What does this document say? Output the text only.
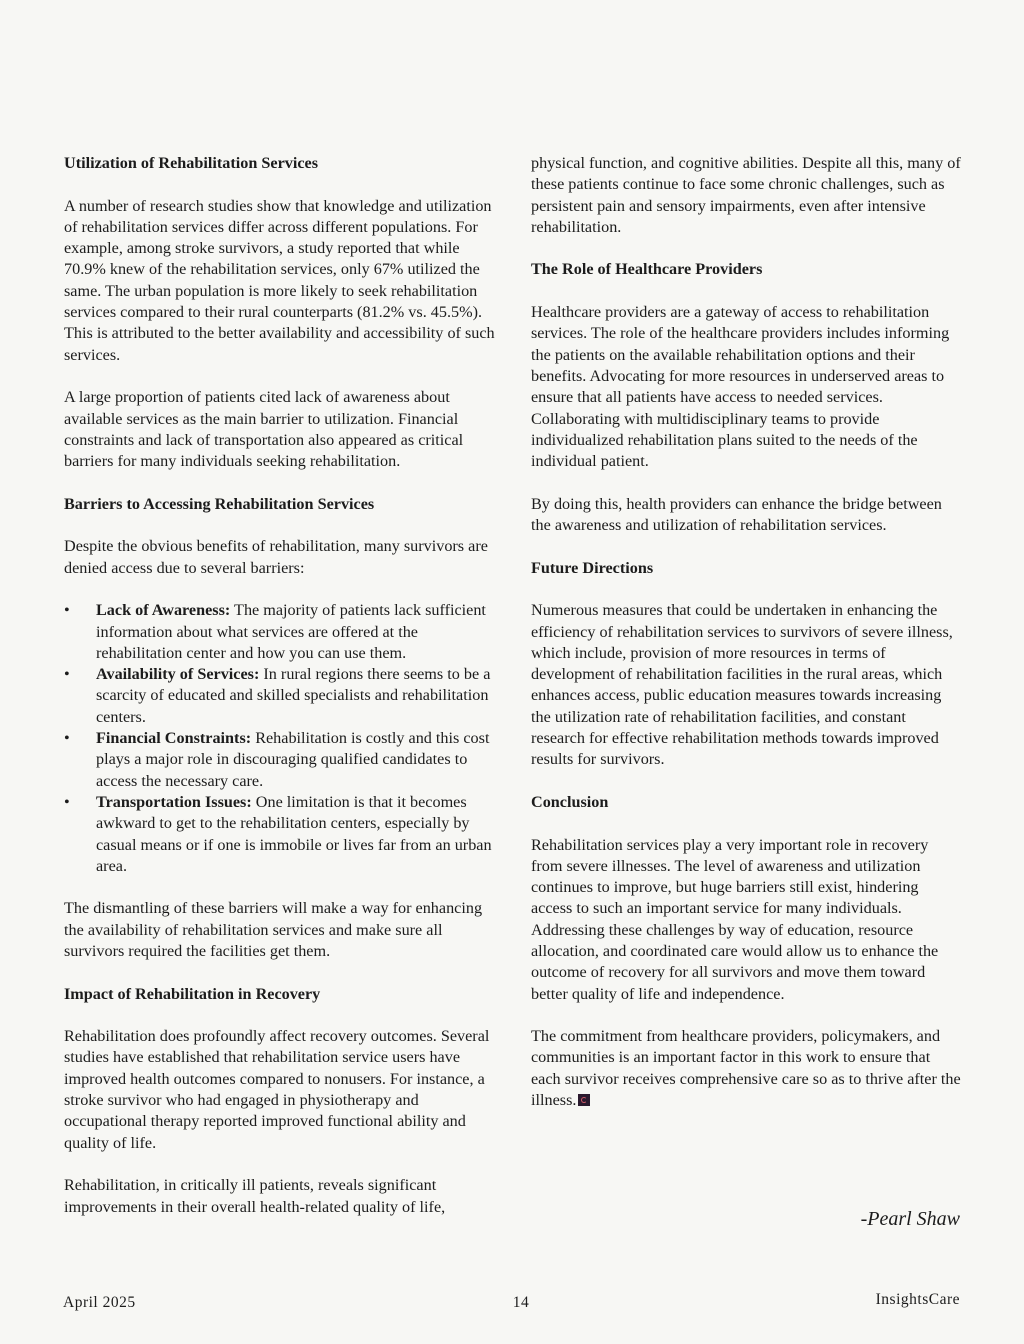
Utilization of Rehabilitation Services

A number of research studies show that knowledge and utilization of rehabilitation services differ across different populations. For example, among stroke survivors, a study reported that while 70.9% knew of the rehabilitation services, only 67% utilized the same. The urban population is more likely to seek rehabilitation services compared to their rural counterparts (81.2% vs. 45.5%). This is attributed to the better availability and accessibility of such services.

A large proportion of patients cited lack of awareness about available services as the main barrier to utilization. Financial constraints and lack of transportation also appeared as critical barriers for many individuals seeking rehabilitation.

Barriers to Accessing Rehabilitation Services

Despite the obvious benefits of rehabilitation, many survivors are denied access due to several barriers:

• Lack of Awareness: The majority of patients lack sufficient information about what services are offered at the rehabilitation center and how you can use them.
• Availability of Services: In rural regions there seems to be a scarcity of educated and skilled specialists and rehabilitation centers.
• Financial Constraints: Rehabilitation is costly and this cost plays a major role in discouraging qualified candidates to access the necessary care.
• Transportation Issues: One limitation is that it becomes awkward to get to the rehabilitation centers, especially by casual means or if one is immobile or lives far from an urban area.

The dismantling of these barriers will make a way for enhancing the availability of rehabilitation services and make sure all survivors required the facilities get them.

Impact of Rehabilitation in Recovery

Rehabilitation does profoundly affect recovery outcomes. Several studies have established that rehabilitation service users have improved health outcomes compared to nonusers. For instance, a stroke survivor who had engaged in physiotherapy and occupational therapy reported improved functional ability and quality of life.

Rehabilitation, in critically ill patients, reveals significant improvements in their overall health-related quality of life,

physical function, and cognitive abilities. Despite all this, many of these patients continue to face some chronic challenges, such as persistent pain and sensory impairments, even after intensive rehabilitation.

The Role of Healthcare Providers

Healthcare providers are a gateway of access to rehabilitation services. The role of the healthcare providers includes informing the patients on the available rehabilitation options and their benefits. Advocating for more resources in underserved areas to ensure that all patients have access to needed services. Collaborating with multidisciplinary teams to provide individualized rehabilitation plans suited to the needs of the individual patient.

By doing this, health providers can enhance the bridge between the awareness and utilization of rehabilitation services.

Future Directions

Numerous measures that could be undertaken in enhancing the efficiency of rehabilitation services to survivors of severe illness, which include, provision of more resources in terms of development of rehabilitation facilities in the rural areas, which enhances access, public education measures towards increasing the utilization rate of rehabilitation facilities, and constant research for effective rehabilitation methods towards improved results for survivors.

Conclusion

Rehabilitation services play a very important role in recovery from severe illnesses. The level of awareness and utilization continues to improve, but huge barriers still exist, hindering access to such an important service for many individuals. Addressing these challenges by way of education, resource allocation, and coordinated care would allow us to enhance the outcome of recovery for all survivors and move them toward better quality of life and independence.

The commitment from healthcare providers, policymakers, and communities is an important factor in this work to ensure that each survivor receives comprehensive care so as to thrive after the illness.

-Pearl Shaw
April 2025	14	InsightsCare
